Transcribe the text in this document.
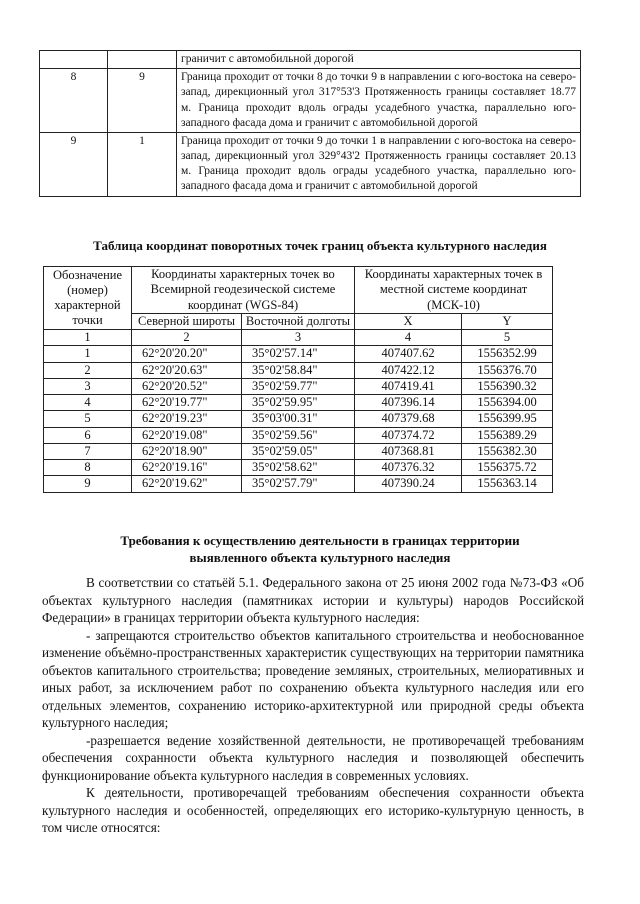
		граничит с автомобильной дорогой
8	9	Граница проходит от точки 8 до точки 9 в направлении с юго-востока на северо-запад, дирекционный угол 317°53'3 Протяженность границы составляет 18.77 м. Граница проходит вдоль ограды усадебного участка, параллельно юго-западного фасада дома и граничит с автомобильной дорогой
9	1	Граница проходит от точки 9 до точки 1 в направлении с юго-востока на северо-запад, дирекционный угол 329°43'2 Протяженность границы составляет 20.13 м. Граница проходит вдоль ограды усадебного участка, параллельно юго-западного фасада дома и граничит с автомобильной дорогой
Таблица координат поворотных точек границ объекта культурного наследия
Обозначение (номер) характерной точки	Координаты характерных точек во Всемирной геодезической системе координат (WGS-84)		Координаты характерных точек в местной системе координат (МСК-10)	
	Северной широты	Восточной долготы	X	Y
1	2	3	4	5
1	62°20'20.20"	35°02'57.14"	407407.62	1556352.99
2	62°20'20.63"	35°02'58.84"	407422.12	1556376.70
3	62°20'20.52"	35°02'59.77"	407419.41	1556390.32
4	62°20'19.77"	35°02'59.95"	407396.14	1556394.00
5	62°20'19.23"	35°03'00.31"	407379.68	1556399.95
6	62°20'19.08"	35°02'59.56"	407374.72	1556389.29
7	62°20'18.90"	35°02'59.05"	407368.81	1556382.30
8	62°20'19.16"	35°02'58.62"	407376.32	1556375.72
9	62°20'19.62"	35°02'57.79"	407390.24	1556363.14
Требования к осуществлению деятельности в границах территории
выявленного объекта культурного наследия

В соответствии со статьёй 5.1. Федерального закона от 25 июня 2002 года №73-ФЗ «Об объектах культурного наследия (памятниках истории и культуры) народов Российской Федерации» в границах территории объекта культурного наследия:

- запрещаются строительство объектов капитального строительства и необоснованное изменение объёмно-пространственных характеристик существующих на территории памятника объектов капитального строительства; проведение земляных, строительных, мелиоративных и иных работ, за исключением работ по сохранению объекта культурного наследия или его отдельных элементов, сохранению историко-архитектурной или природной среды объекта культурного наследия;

-разрешается ведение хозяйственной деятельности, не противоречащей требованиям обеспечения сохранности объекта культурного наследия и позволяющей обеспечить функционирование объекта культурного наследия в современных условиях.

К деятельности, противоречащей требованиям обеспечения сохранности объекта культурного наследия и особенностей, определяющих его историко-культурную ценность, в том числе относятся:
